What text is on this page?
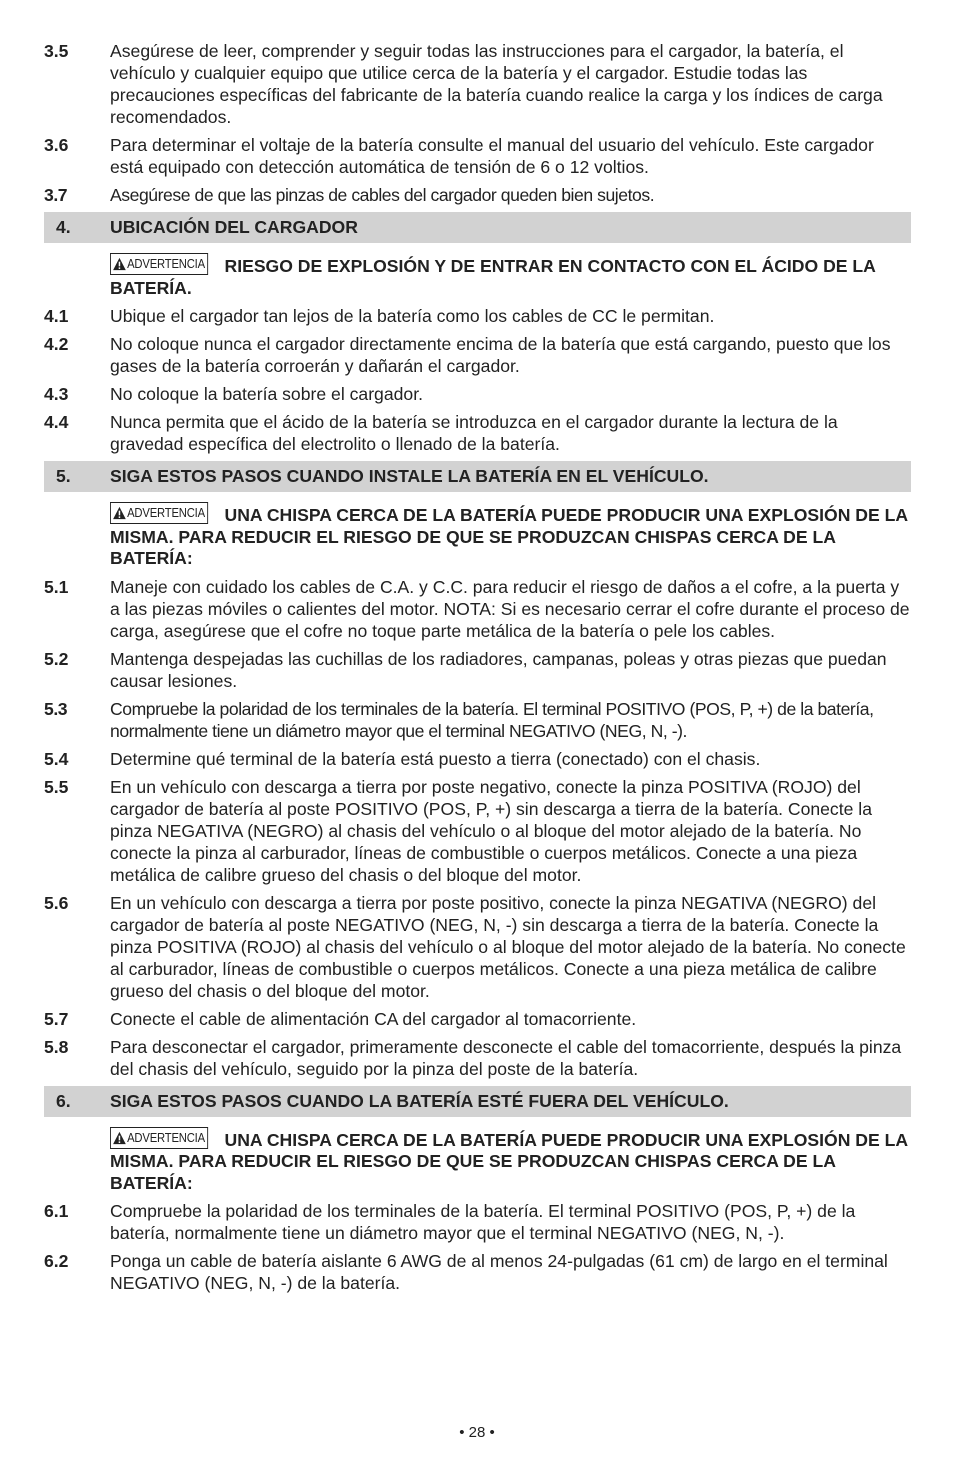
3.5	Asegúrese de leer, comprender y seguir todas las instrucciones para el cargador, la batería, el vehículo y cualquier equipo que utilice cerca de la batería y el cargador. Estudie todas las precauciones específicas del fabricante de la batería cuando realice la carga y los índices de carga recomendados.
3.6	Para determinar el voltaje de la batería consulte el manual del usuario del vehículo. Este cargador está equipado con detección automática de tensión de 6 o 12 voltios.
3.7	Asegúrese de que las pinzas de cables del cargador queden bien sujetos.
4.	UBICACIÓN DEL CARGADOR
ADVERTENCIA RIESGO DE EXPLOSIÓN Y DE ENTRAR EN CONTACTO CON EL ÁCIDO DE LA BATERÍA.
4.1	Ubique el cargador tan lejos de la batería como los cables de CC le permitan.
4.2	No coloque nunca el cargador directamente encima de la batería que está cargando, puesto que los gases de la batería corroerán y dañarán el cargador.
4.3	No coloque la batería sobre el cargador.
4.4	Nunca permita que el ácido de la batería se introduzca en el cargador durante la lectura de la gravedad específica del electrolito o llenado de la batería.
5.	SIGA ESTOS PASOS CUANDO INSTALE LA BATERÍA EN EL VEHÍCULO.
ADVERTENCIA UNA CHISPA CERCA DE LA BATERÍA PUEDE PRODUCIR UNA EXPLOSIÓN DE LA MISMA. PARA REDUCIR EL RIESGO DE QUE SE PRODUZCAN CHISPAS CERCA DE LA BATERÍA:
5.1	Maneje con cuidado los cables de C.A. y C.C. para reducir el riesgo de daños a el cofre, a la puerta y a las piezas móviles o calientes del motor. NOTA: Si es necesario cerrar el cofre durante el proceso de carga, asegúrese que el cofre no toque parte metálica de la batería o pele los cables.
5.2	Mantenga despejadas las cuchillas de los radiadores, campanas, poleas y otras piezas que puedan causar lesiones.
5.3	Compruebe la polaridad de los terminales de la batería. El terminal POSITIVO (POS, P, +) de la batería, normalmente tiene un diámetro mayor que el terminal NEGATIVO (NEG, N, -).
5.4	Determine qué terminal de la batería está puesto a tierra (conectado) con el chasis.
5.5	En un vehículo con descarga a tierra por poste negativo, conecte la pinza POSITIVA (ROJO) del cargador de batería al poste POSITIVO (POS, P, +) sin descarga a tierra de la batería. Conecte la pinza NEGATIVA (NEGRO) al chasis del vehículo o al bloque del motor alejado de la batería. No conecte la pinza al carburador, líneas de combustible o cuerpos metálicos. Conecte a una pieza metálica de calibre grueso del chasis o del bloque del motor.
5.6	En un vehículo con descarga a tierra por poste positivo, conecte la pinza NEGATIVA (NEGRO) del cargador de batería al poste NEGATIVO (NEG, N, -) sin descarga a tierra de la batería. Conecte la pinza POSITIVA (ROJO) al chasis del vehículo o al bloque del motor alejado de la batería. No conecte al carburador, líneas de combustible o cuerpos metálicos. Conecte a una pieza metálica de calibre grueso del chasis o del bloque del motor.
5.7	Conecte el cable de alimentación CA del cargador al tomacorriente.
5.8	Para desconectar el cargador, primeramente desconecte el cable del tomacorriente, después la pinza del chasis del vehículo, seguido por la pinza del poste de la batería.
6.	SIGA ESTOS PASOS CUANDO LA BATERÍA ESTÉ FUERA DEL VEHÍCULO.
ADVERTENCIA UNA CHISPA CERCA DE LA BATERÍA PUEDE PRODUCIR UNA EXPLOSIÓN DE LA MISMA. PARA REDUCIR EL RIESGO DE QUE SE PRODUZCAN CHISPAS CERCA DE LA BATERÍA:
6.1	Compruebe la polaridad de los terminales de la batería. El terminal POSITIVO (POS, P, +) de la batería, normalmente tiene un diámetro mayor que el terminal NEGATIVO (NEG, N, -).
6.2	Ponga un cable de batería aislante 6 AWG de al menos 24-pulgadas (61 cm) de largo en el terminal NEGATIVO (NEG, N, -) de la batería.
• 28 •
